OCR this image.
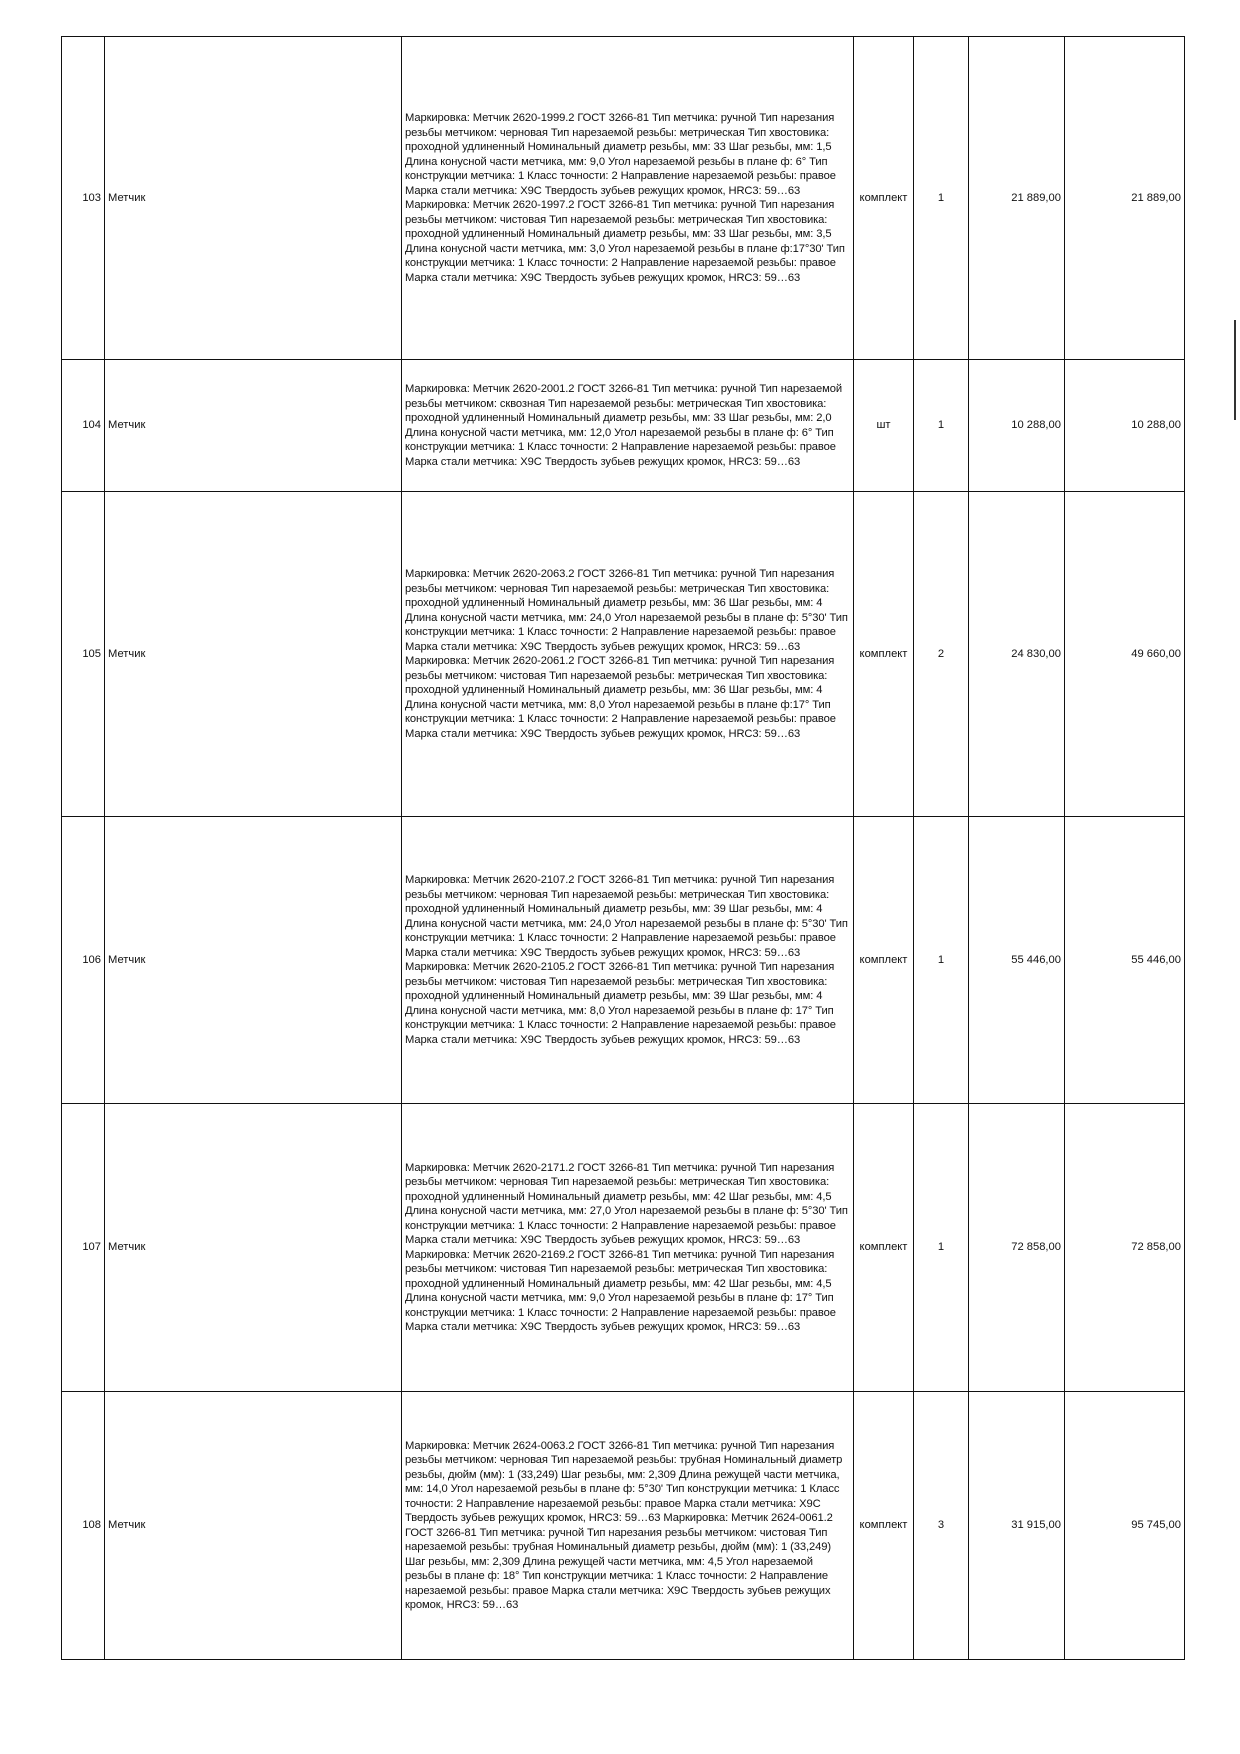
103	Метчик	Маркировка: Метчик 2620-1999.2 ГОСТ 3266-81 Тип метчика: ручной Тип нарезания резьбы метчиком: черновая Тип нарезаемой резьбы: метрическая Тип хвостовика: проходной удлиненный Номинальный диаметр резьбы, мм: 33 Шаг резьбы, мм: 1,5 Длина конусной части метчика, мм: 9,0 Угол нарезаемой резьбы в плане ф: 6° Тип конструкции метчика: 1 Класс точности: 2 Направление нарезаемой резьбы: правое Марка стали метчика: Х9С Твердость зубьев режущих кромок, HRC3: 59…63 Маркировка: Метчик 2620-1997.2 ГОСТ 3266-81 Тип метчика: ручной Тип нарезания резьбы метчиком: чистовая Тип нарезаемой резьбы: метрическая Тип хвостовика: проходной удлиненный Номинальный диаметр резьбы, мм: 33 Шаг резьбы, мм: 3,5 Длина конусной части метчика, мм: 3,0 Угол нарезаемой резьбы в плане ф:17°30' Тип конструкции метчика: 1 Класс точности: 2 Направление нарезаемой резьбы: правое Марка стали метчика: Х9С Твердость зубьев режущих кромок, HRC3: 59…63	комплект	1	21 889,00	21 889,00
104	Метчик	Маркировка: Метчик 2620-2001.2 ГОСТ 3266-81 Тип метчика: ручной Тип нарезаемой резьбы метчиком: сквозная Тип нарезаемой резьбы: метрическая Тип хвостовика: проходной удлиненный Номинальный диаметр резьбы, мм: 33 Шаг резьбы, мм: 2,0 Длина конусной части метчика, мм: 12,0 Угол нарезаемой резьбы в плане ф: 6° Тип конструкции метчика: 1 Класс точности: 2 Направление нарезаемой резьбы: правое Марка стали метчика: Х9С Твердость зубьев режущих кромок, HRC3: 59…63	шт	1	10 288,00	10 288,00
105	Метчик	Маркировка: Метчик 2620-2063.2 ГОСТ 3266-81 Тип метчика: ручной Тип нарезания резьбы метчиком: черновая Тип нарезаемой резьбы: метрическая Тип хвостовика: проходной удлиненный Номинальный диаметр резьбы, мм: 36 Шаг резьбы, мм: 4 Длина конусной части метчика, мм: 24,0 Угол нарезаемой резьбы в плане ф: 5°30' Тип конструкции метчика: 1 Класс точности: 2 Направление нарезаемой резьбы: правое Марка стали метчика: Х9С Твердость зубьев режущих кромок, HRC3: 59…63 Маркировка: Метчик 2620-2061.2 ГОСТ 3266-81 Тип метчика: ручной Тип нарезания резьбы метчиком: чистовая Тип нарезаемой резьбы: метрическая Тип хвостовика: проходной удлиненный Номинальный диаметр резьбы, мм: 36 Шаг резьбы, мм: 4 Длина конусной части метчика, мм: 8,0 Угол нарезаемой резьбы в плане ф:17° Тип конструкции метчика: 1 Класс точности: 2 Направление нарезаемой резьбы: правое Марка стали метчика: Х9С Твердость зубьев режущих кромок, HRC3: 59…63	комплект	2	24 830,00	49 660,00
106	Метчик	Маркировка: Метчик 2620-2107.2 ГОСТ 3266-81 Тип метчика: ручной Тип нарезания резьбы метчиком: черновая Тип нарезаемой резьбы: метрическая Тип хвостовика: проходной удлиненный Номинальный диаметр резьбы, мм: 39 Шаг резьбы, мм: 4 Длина конусной части метчика, мм: 24,0 Угол нарезаемой резьбы в плане ф: 5°30' Тип конструкции метчика: 1 Класс точности: 2 Направление нарезаемой резьбы: правое Марка стали метчика: Х9С Твердость зубьев режущих кромок, HRC3: 59…63 Маркировка: Метчик 2620-2105.2 ГОСТ 3266-81 Тип метчика: ручной Тип нарезания резьбы метчиком: чистовая Тип нарезаемой резьбы: метрическая Тип хвостовика: проходной удлиненный Номинальный диаметр резьбы, мм: 39 Шаг резьбы, мм: 4 Длина конусной части метчика, мм: 8,0 Угол нарезаемой резьбы в плане ф: 17° Тип конструкции метчика: 1 Класс точности: 2 Направление нарезаемой резьбы: правое Марка стали метчика: Х9С Твердость зубьев режущих кромок, HRC3: 59…63	комплект	1	55 446,00	55 446,00
107	Метчик	Маркировка: Метчик 2620-2171.2 ГОСТ 3266-81 Тип метчика: ручной Тип нарезания резьбы метчиком: черновая Тип нарезаемой резьбы: метрическая Тип хвостовика: проходной удлиненный Номинальный диаметр резьбы, мм: 42 Шаг резьбы, мм: 4,5 Длина конусной части метчика, мм: 27,0 Угол нарезаемой резьбы в плане ф: 5°30' Тип конструкции метчика: 1 Класс точности: 2 Направление нарезаемой резьбы: правое Марка стали метчика: Х9С Твердость зубьев режущих кромок, HRC3: 59…63 Маркировка: Метчик 2620-2169.2 ГОСТ 3266-81 Тип метчика: ручной Тип нарезания резьбы метчиком: чистовая Тип нарезаемой резьбы: метрическая Тип хвостовика: проходной удлиненный Номинальный диаметр резьбы, мм: 42 Шаг резьбы, мм: 4,5 Длина конусной части метчика, мм: 9,0 Угол нарезаемой резьбы в плане ф: 17° Тип конструкции метчика: 1 Класс точности: 2 Направление нарезаемой резьбы: правое Марка стали метчика: Х9С Твердость зубьев режущих кромок, HRC3: 59…63	комплект	1	72 858,00	72 858,00
108	Метчик	Маркировка: Метчик 2624-0063.2 ГОСТ 3266-81 Тип метчика: ручной Тип нарезания резьбы метчиком: черновая Тип нарезаемой резьбы: трубная Номинальный диаметр резьбы, дюйм (мм): 1 (33,249) Шаг резьбы, мм: 2,309 Длина режущей части метчика, мм: 14,0 Угол нарезаемой резьбы в плане ф: 5°30' Тип конструкции метчика: 1 Класс точности: 2 Направление нарезаемой резьбы: правое Марка стали метчика: Х9С Твердость зубьев режущих кромок, HRC3: 59…63 Маркировка: Метчик 2624-0061.2 ГОСТ 3266-81 Тип метчика: ручной Тип нарезания резьбы метчиком: чистовая Тип нарезаемой резьбы: трубная Номинальный диаметр резьбы, дюйм (мм): 1 (33,249) Шаг резьбы, мм: 2,309 Длина режущей части метчика, мм: 4,5 Угол нарезаемой резьбы в плане ф: 18° Тип конструкции метчика: 1 Класс точности: 2 Направление нарезаемой резьбы: правое Марка стали метчика: Х9С Твердость зубьев режущих кромок, HRC3: 59…63	комплект	3	31 915,00	95 745,00
